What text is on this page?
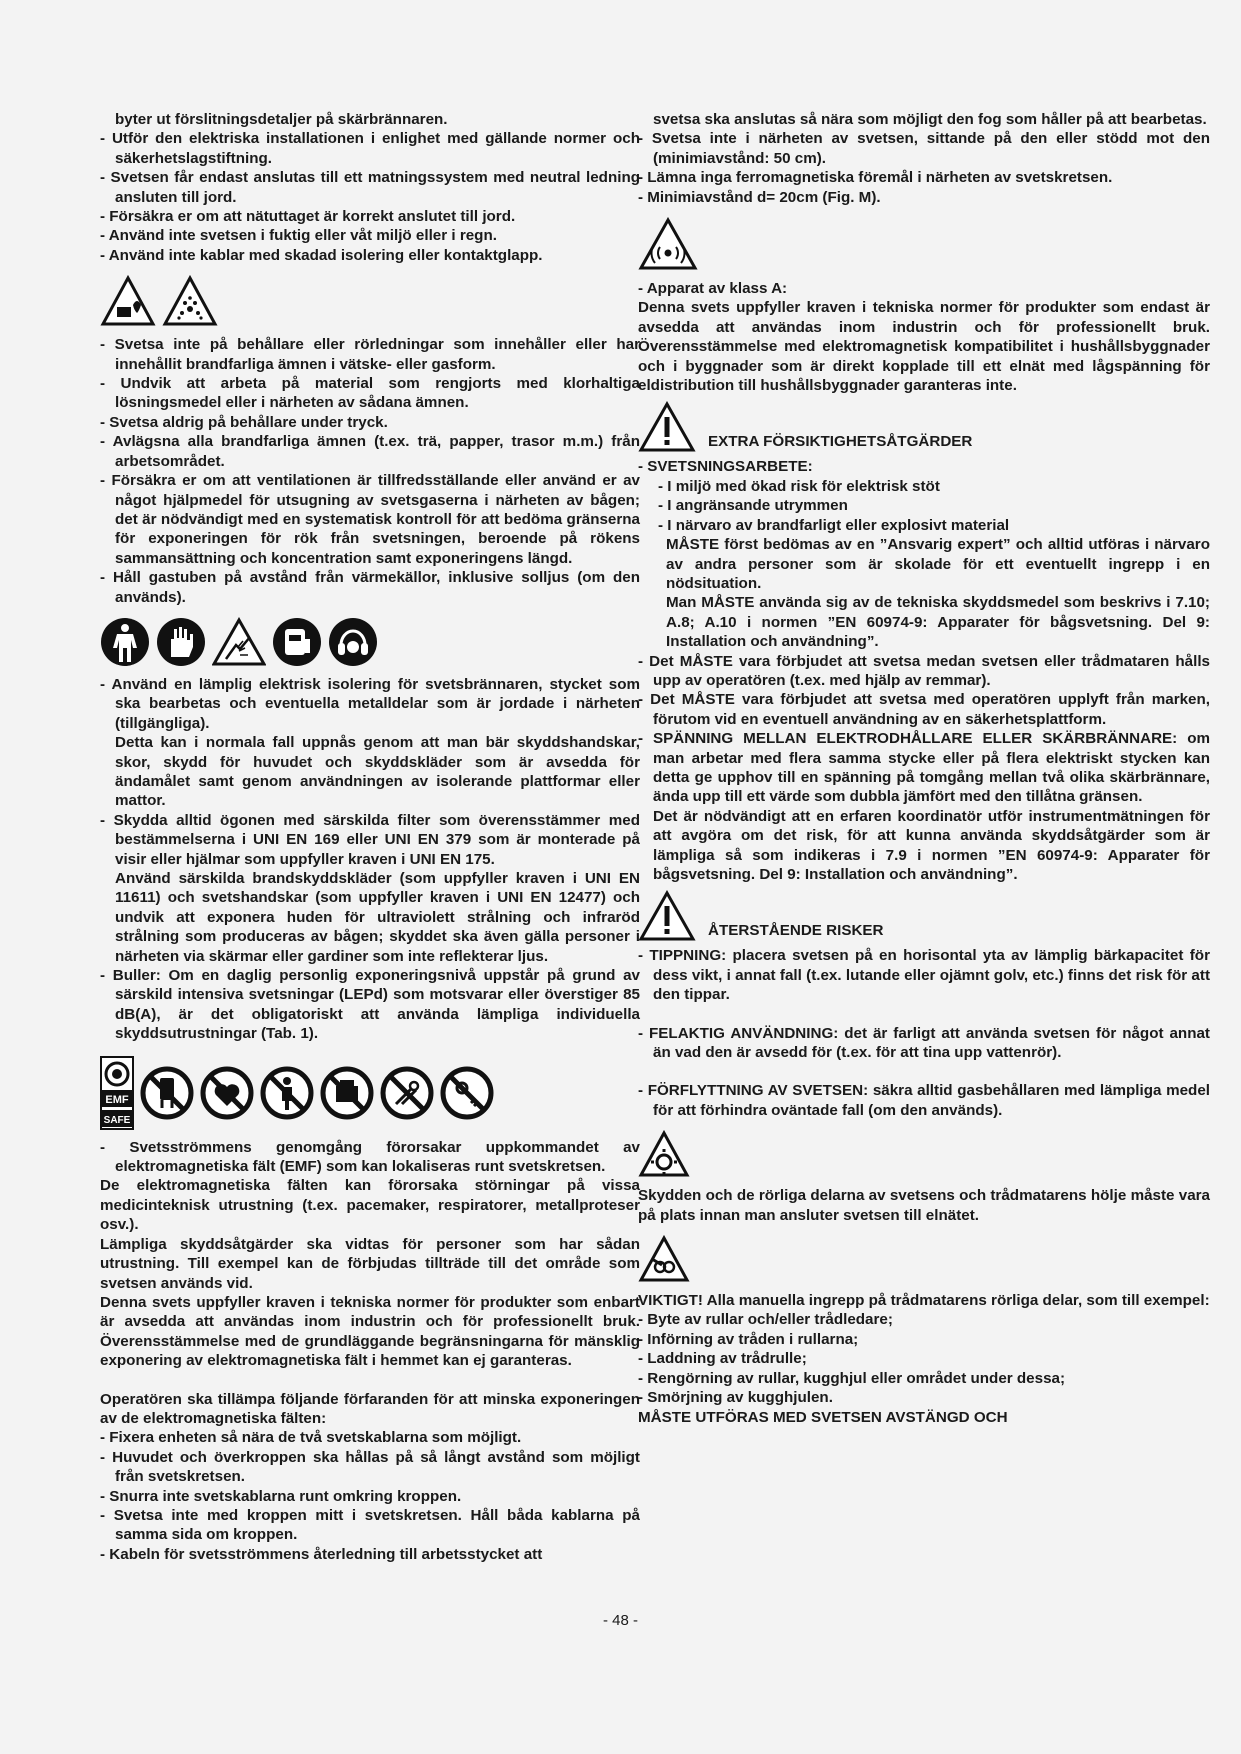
byter ut förslitningsdetaljer på skärbrännaren.

- Utför den elektriska installationen i enlighet med gällande normer och säkerhetslagstiftning.

- Svetsen får endast anslutas till ett matningssystem med neutral ledning ansluten till jord.

- Försäkra er om att nätuttaget är korrekt anslutet till jord.

- Använd inte svetsen i fuktig eller våt miljö eller i regn.

- Använd inte kablar med skadad isolering eller kontaktglapp.

- Svetsa inte på behållare eller rörledningar som innehåller eller har innehållit brandfarliga ämnen i vätske- eller gasform.

- Undvik att arbeta på material som rengjorts med klorhaltiga lösningsmedel eller i närheten av sådana ämnen.

- Svetsa aldrig på behållare under tryck.

- Avlägsna alla brandfarliga ämnen (t.ex. trä, papper, trasor m.m.) från arbetsområdet.

- Försäkra er om att ventilationen är tillfredsställande eller använd er av något hjälpmedel för utsugning av svetsgaserna i närheten av bågen; det är nödvändigt med en systematisk kontroll för att bedöma gränserna för exponeringen för rök från svetsningen, beroende på rökens sammansättning och koncentration samt exponeringens längd.

- Håll gastuben på avstånd från värmekällor, inklusive solljus (om den används).

- Använd en lämplig elektrisk isolering för svetsbrännaren, stycket som ska bearbetas och eventuella metalldelar som är jordade i närheten (tillgängliga).

Detta kan i normala fall uppnås genom att man bär skyddshandskar, skor, skydd för huvudet och skyddskläder som är avsedda för ändamålet samt genom användningen av isolerande plattformar eller mattor.

- Skydda alltid ögonen med särskilda filter som överensstämmer med bestämmelserna i UNI EN 169 eller UNI EN 379 som är monterade på visir eller hjälmar som uppfyller kraven i UNI EN 175.

Använd särskilda brandskyddskläder (som uppfyller kraven i UNI EN 11611) och svetshandskar (som uppfyller kraven i UNI EN 12477) och undvik att exponera huden för ultraviolett strålning och infraröd strålning som produceras av bågen; skyddet ska även gälla personer i närheten via skärmar eller gardiner som inte reflekterar ljus.

- Buller: Om en daglig personlig exponeringsnivå uppstår på grund av särskild intensiva svetsningar (LEPd) som motsvarar eller överstiger 85 dB(A), är det obligatoriskt att använda lämpliga individuella skyddsutrustningar (Tab. 1).

EMF
SAFE

- Svetsströmmens genomgång förorsakar uppkommandet av elektromagnetiska fält (EMF) som kan lokaliseras runt svetskretsen.

De elektromagnetiska fälten kan förorsaka störningar på vissa medicinteknisk utrustning (t.ex. pacemaker, respiratorer, metallproteser osv.).

Lämpliga skyddsåtgärder ska vidtas för personer som har sådan utrustning. Till exempel kan de förbjudas tillträde till det område som svetsen används vid.

Denna svets uppfyller kraven i tekniska normer för produkter som enbart är avsedda att användas inom industrin och för professionellt bruk. Överensstämmelse med de grundläggande begränsningarna för mänsklig exponering av elektromagnetiska fält i hemmet kan ej garanteras.

Operatören ska tillämpa följande förfaranden för att minska exponeringen av de elektromagnetiska fälten:

- Fixera enheten så nära de två svetskablarna som möjligt.

- Huvudet och överkroppen ska hållas på så långt avstånd som möjligt från svetskretsen.

- Snurra inte svetskablarna runt omkring kroppen.

- Svetsa inte med kroppen mitt i svetskretsen. Håll båda kablarna på samma sida om kroppen.

- Kabeln för svetsströmmens återledning till arbetsstycket att

svetsa ska anslutas så nära som möjligt den fog som håller på att bearbetas.

- Svetsa inte i närheten av svetsen, sittande på den eller stödd mot den (minimiavstånd: 50 cm).

- Lämna inga ferromagnetiska föremål i närheten av svetskretsen.

- Minimiavstånd d= 20cm (Fig. M).

- Apparat av klass A:

Denna svets uppfyller kraven i tekniska normer för produkter som endast är avsedda att användas inom industrin och för professionellt bruk. Överensstämmelse med elektromagnetisk kompatibilitet i hushållsbyggnader och i byggnader som är direkt kopplade till ett elnät med lågspänning för eldistribution till hushållsbyggnader garanteras inte.

EXTRA FÖRSIKTIGHETSÅTGÄRDER

- SVETSNINGSARBETE:

- I miljö med ökad risk för elektrisk stöt

- I angränsande utrymmen

- I närvaro av brandfarligt eller explosivt material

MÅSTE först bedömas av en ”Ansvarig expert” och alltid utföras i närvaro av andra personer som är skolade för ett eventuellt ingrepp i en nödsituation.

Man MÅSTE använda sig av de tekniska skyddsmedel som beskrivs i 7.10; A.8; A.10 i normen ”EN 60974-9: Apparater för bågsvetsning. Del 9: Installation och användning”.

- Det MÅSTE vara förbjudet att svetsa medan svetsen eller trådmataren hålls upp av operatören (t.ex. med hjälp av remmar).

- Det MÅSTE vara förbjudet att svetsa med operatören upplyft från marken, förutom vid en eventuell användning av en säkerhetsplattform.

- SPÄNNING MELLAN ELEKTRODHÅLLARE ELLER SKÄRBRÄNNARE: om man arbetar med flera samma stycke eller på flera elektriskt stycken kan detta ge upphov till en spänning på tomgång mellan två olika skärbrännare, ända upp till ett värde som dubbla jämfört med den tillåtna gränsen.

Det är nödvändigt att en erfaren koordinatör utför instrumentmätningen för att avgöra om det risk, för att kunna använda skyddsåtgärder som är lämpliga så som indikeras i 7.9 i normen ”EN 60974-9: Apparater för bågsvetsning. Del 9: Installation och användning”.

ÅTERSTÅENDE RISKER

- TIPPNING: placera svetsen på en horisontal yta av lämplig bärkapacitet för dess vikt, i annat fall (t.ex. lutande eller ojämnt golv, etc.) finns det risk för att den tippar.

- FELAKTIG ANVÄNDNING: det är farligt att använda svetsen för något annat än vad den är avsedd för (t.ex. för att tina upp vattenrör).

- FÖRFLYTTNING AV SVETSEN: säkra alltid gasbehållaren med lämpliga medel för att förhindra oväntade fall (om den används).

Skydden och de rörliga delarna av svetsens och trådmatarens hölje måste vara på plats innan man ansluter svetsen till elnätet.

VIKTIGT! Alla manuella ingrepp på trådmatarens rörliga delar, som till exempel:

- Byte av rullar och/eller trådledare;

- Införning av tråden i rullarna;

- Laddning av trådrulle;

- Rengörning av rullar, kugghjul eller området under dessa;

- Smörjning av kugghjulen.

MÅSTE UTFÖRAS MED SVETSEN AVSTÄNGD OCH

- 48 -
